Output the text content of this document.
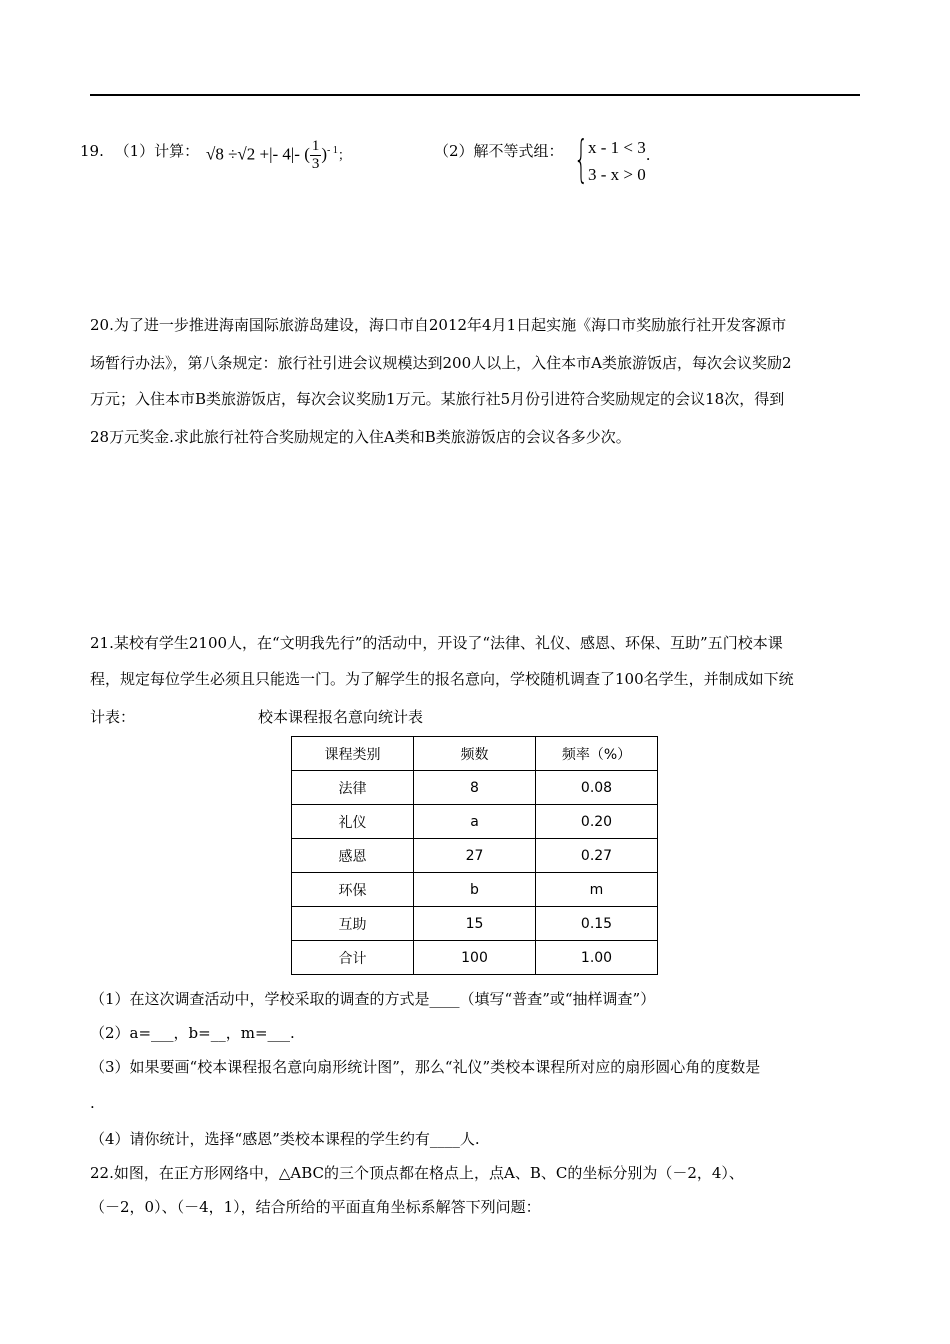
19. （1）计算： √8 ÷√2 +|- 4|- ( $\frac{1}{3} )^{- 1}$；	（2）解不等式组： { x - 1 < 3
3 - x > 0
.
20.为了进一步推进海南国际旅游岛建设，海口市自2012年4月1日起实施《海口市奖励旅行社开发客源市
场暂行办法》，第八条规定：旅行社引进会议规模达到200人以上，入住本市A类旅游饭店，每次会议奖励2
万元；入住本市B类旅游饭店，每次会议奖励1万元。某旅行社5月份引进符合奖励规定的会议18次，得到
28万元奖金.求此旅行社符合奖励规定的入住A类和B类旅游饭店的会议各多少次。
21.某校有学生2100人，在“文明我先行”的活动中，开设了“法律、礼仪、感恩、环保、互助”五门校本课
程，规定每位学生必须且只能选一门。为了解学生的报名意向，学校随机调查了100名学生，并制成如下统
计表：	校本课程报名意向统计表
课程类别	频数	频率（%）
法律	8	0.08
礼仪	a	0.20
感恩	27	0.27
环保	b	m
互助	15	0.15
合计	100	1.00
（1）在这次调查活动中，学校采取的调查的方式是____（填写“普查”或“抽样调查”）
（2）a=___，b=__，m=___.
（3）如果要画“校本课程报名意向扇形统计图”，那么“礼仪”类校本课程所对应的扇形圆心角的度数是
.
（4）请你统计，选择“感恩”类校本课程的学生约有____人.
22.如图，在正方形网络中，△ABC的三个顶点都在格点上，点A、B、C的坐标分别为（－2，4）、
（－2，0）、（－4，1），结合所给的平面直角坐标系解答下列问题：
